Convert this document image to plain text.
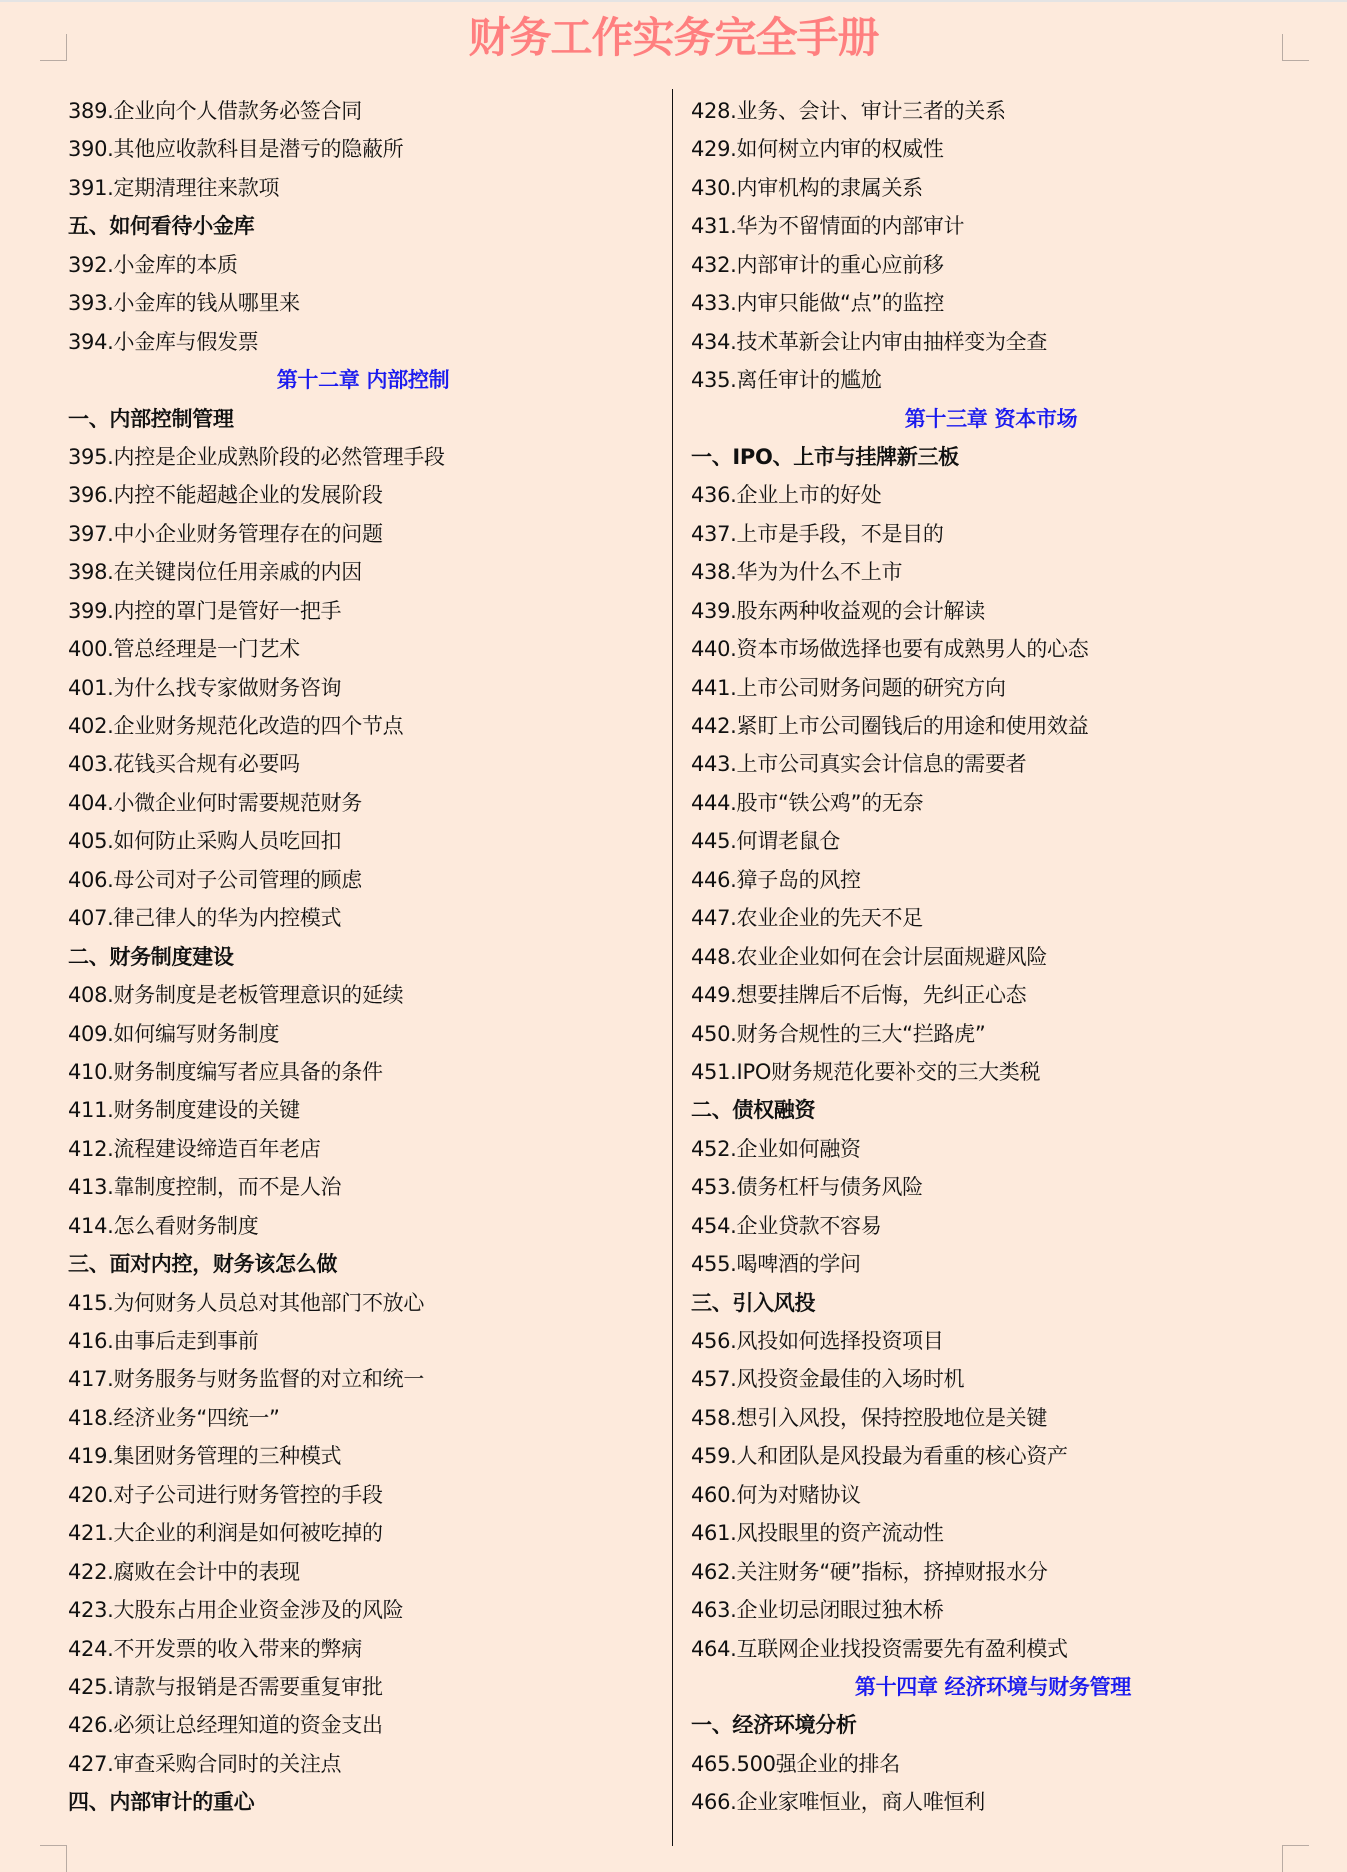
财务工作实务完全手册
389.企业向个人借款务必签合同
390.其他应收款科目是潜亏的隐蔽所
391.定期清理往来款项
五、如何看待小金库
392.小金库的本质
393.小金库的钱从哪里来
394.小金库与假发票
第十二章 内部控制
一、内部控制管理
395.内控是企业成熟阶段的必然管理手段
396.内控不能超越企业的发展阶段
397.中小企业财务管理存在的问题
398.在关键岗位任用亲戚的内因
399.内控的罩门是管好一把手
400.管总经理是一门艺术
401.为什么找专家做财务咨询
402.企业财务规范化改造的四个节点
403.花钱买合规有必要吗
404.小微企业何时需要规范财务
405.如何防止采购人员吃回扣
406.母公司对子公司管理的顾虑
407.律己律人的华为内控模式
二、财务制度建设
408.财务制度是老板管理意识的延续
409.如何编写财务制度
410.财务制度编写者应具备的条件
411.财务制度建设的关键
412.流程建设缔造百年老店
413.靠制度控制，而不是人治
414.怎么看财务制度
三、面对内控，财务该怎么做
415.为何财务人员总对其他部门不放心
416.由事后走到事前
417.财务服务与财务监督的对立和统一
418.经济业务“四统一”
419.集团财务管理的三种模式
420.对子公司进行财务管控的手段
421.大企业的利润是如何被吃掉的
422.腐败在会计中的表现
423.大股东占用企业资金涉及的风险
424.不开发票的收入带来的弊病
425.请款与报销是否需要重复审批
426.必须让总经理知道的资金支出
427.审查采购合同时的关注点
四、内部审计的重心
428.业务、会计、审计三者的关系
429.如何树立内审的权威性
430.内审机构的隶属关系
431.华为不留情面的内部审计
432.内部审计的重心应前移
433.内审只能做“点”的监控
434.技术革新会让内审由抽样变为全查
435.离任审计的尴尬
第十三章 资本市场
一、IPO、上市与挂牌新三板
436.企业上市的好处
437.上市是手段，不是目的
438.华为为什么不上市
439.股东两种收益观的会计解读
440.资本市场做选择也要有成熟男人的心态
441.上市公司财务问题的研究方向
442.紧盯上市公司圈钱后的用途和使用效益
443.上市公司真实会计信息的需要者
444.股市“铁公鸡”的无奈
445.何谓老鼠仓
446.獐子岛的风控
447.农业企业的先天不足
448.农业企业如何在会计层面规避风险
449.想要挂牌后不后悔，先纠正心态
450.财务合规性的三大“拦路虎”
451.IPO财务规范化要补交的三大类税
二、债权融资
452.企业如何融资
453.债务杠杆与债务风险
454.企业贷款不容易
455.喝啤酒的学问
三、引入风投
456.风投如何选择投资项目
457.风投资金最佳的入场时机
458.想引入风投，保持控股地位是关键
459.人和团队是风投最为看重的核心资产
460.何为对赌协议
461.风投眼里的资产流动性
462.关注财务“硬”指标，挤掉财报水分
463.企业切忌闭眼过独木桥
464.互联网企业找投资需要先有盈利模式
第十四章 经济环境与财务管理
一、经济环境分析
465.500强企业的排名
466.企业家唯恒业，商人唯恒利
